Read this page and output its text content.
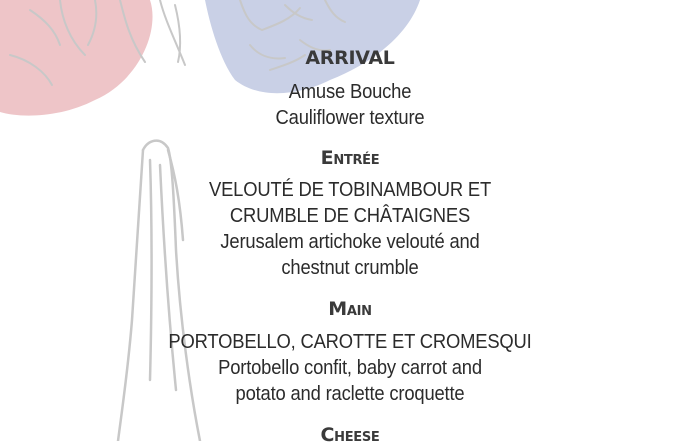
ARRIVAL
Amuse Bouche
Cauliflower texture
Entrée
VELOUTÉ DE TOBINAMBOUR ET
CRUMBLE DE CHÂTAIGNES
Jerusalem artichoke velouté and
chestnut crumble
Main
PORTOBELLO, CAROTTE ET CROMESQUI
Portobello confit, baby carrot and
potato and raclette croquette
Cheese
